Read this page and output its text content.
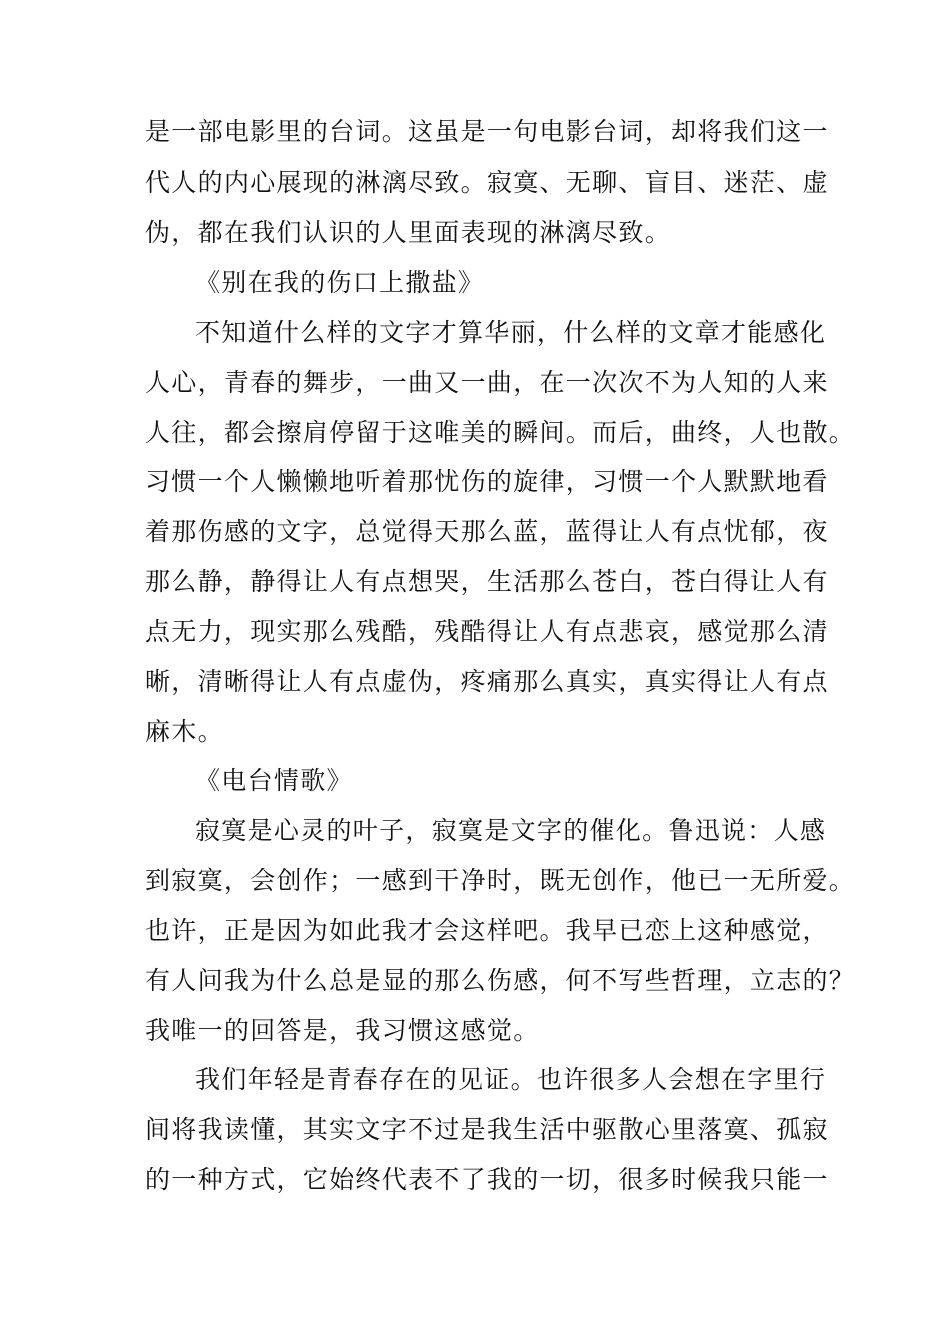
是一部电影里的台词。这虽是一句电影台词，却将我们这一
代人的内心展现的淋漓尽致。寂寞、无聊、盲目、迷茫、虚
伪，都在我们认识的人里面表现的淋漓尽致。
《别在我的伤口上撒盐》
不知道什么样的文字才算华丽，什么样的文章才能感化
人心，青春的舞步，一曲又一曲，在一次次不为人知的人来
人往，都会擦肩停留于这唯美的瞬间。而后，曲终，人也散。
习惯一个人懒懒地听着那忧伤的旋律，习惯一个人默默地看
着那伤感的文字，总觉得天那么蓝，蓝得让人有点忧郁，夜
那么静，静得让人有点想哭，生活那么苍白，苍白得让人有
点无力，现实那么残酷，残酷得让人有点悲哀，感觉那么清
晰，清晰得让人有点虚伪，疼痛那么真实，真实得让人有点
麻木。
《电台情歌》
寂寞是心灵的叶子，寂寞是文字的催化。鲁迅说：人感
到寂寞，会创作；一感到干净时，既无创作，他已一无所爱。
也许，正是因为如此我才会这样吧。我早已恋上这种感觉，
有人问我为什么总是显的那么伤感，何不写些哲理，立志的？
我唯一的回答是，我习惯这感觉。
我们年轻是青春存在的见证。也许很多人会想在字里行
间将我读懂，其实文字不过是我生活中驱散心里落寞、孤寂
的一种方式，它始终代表不了我的一切，很多时候我只能一
